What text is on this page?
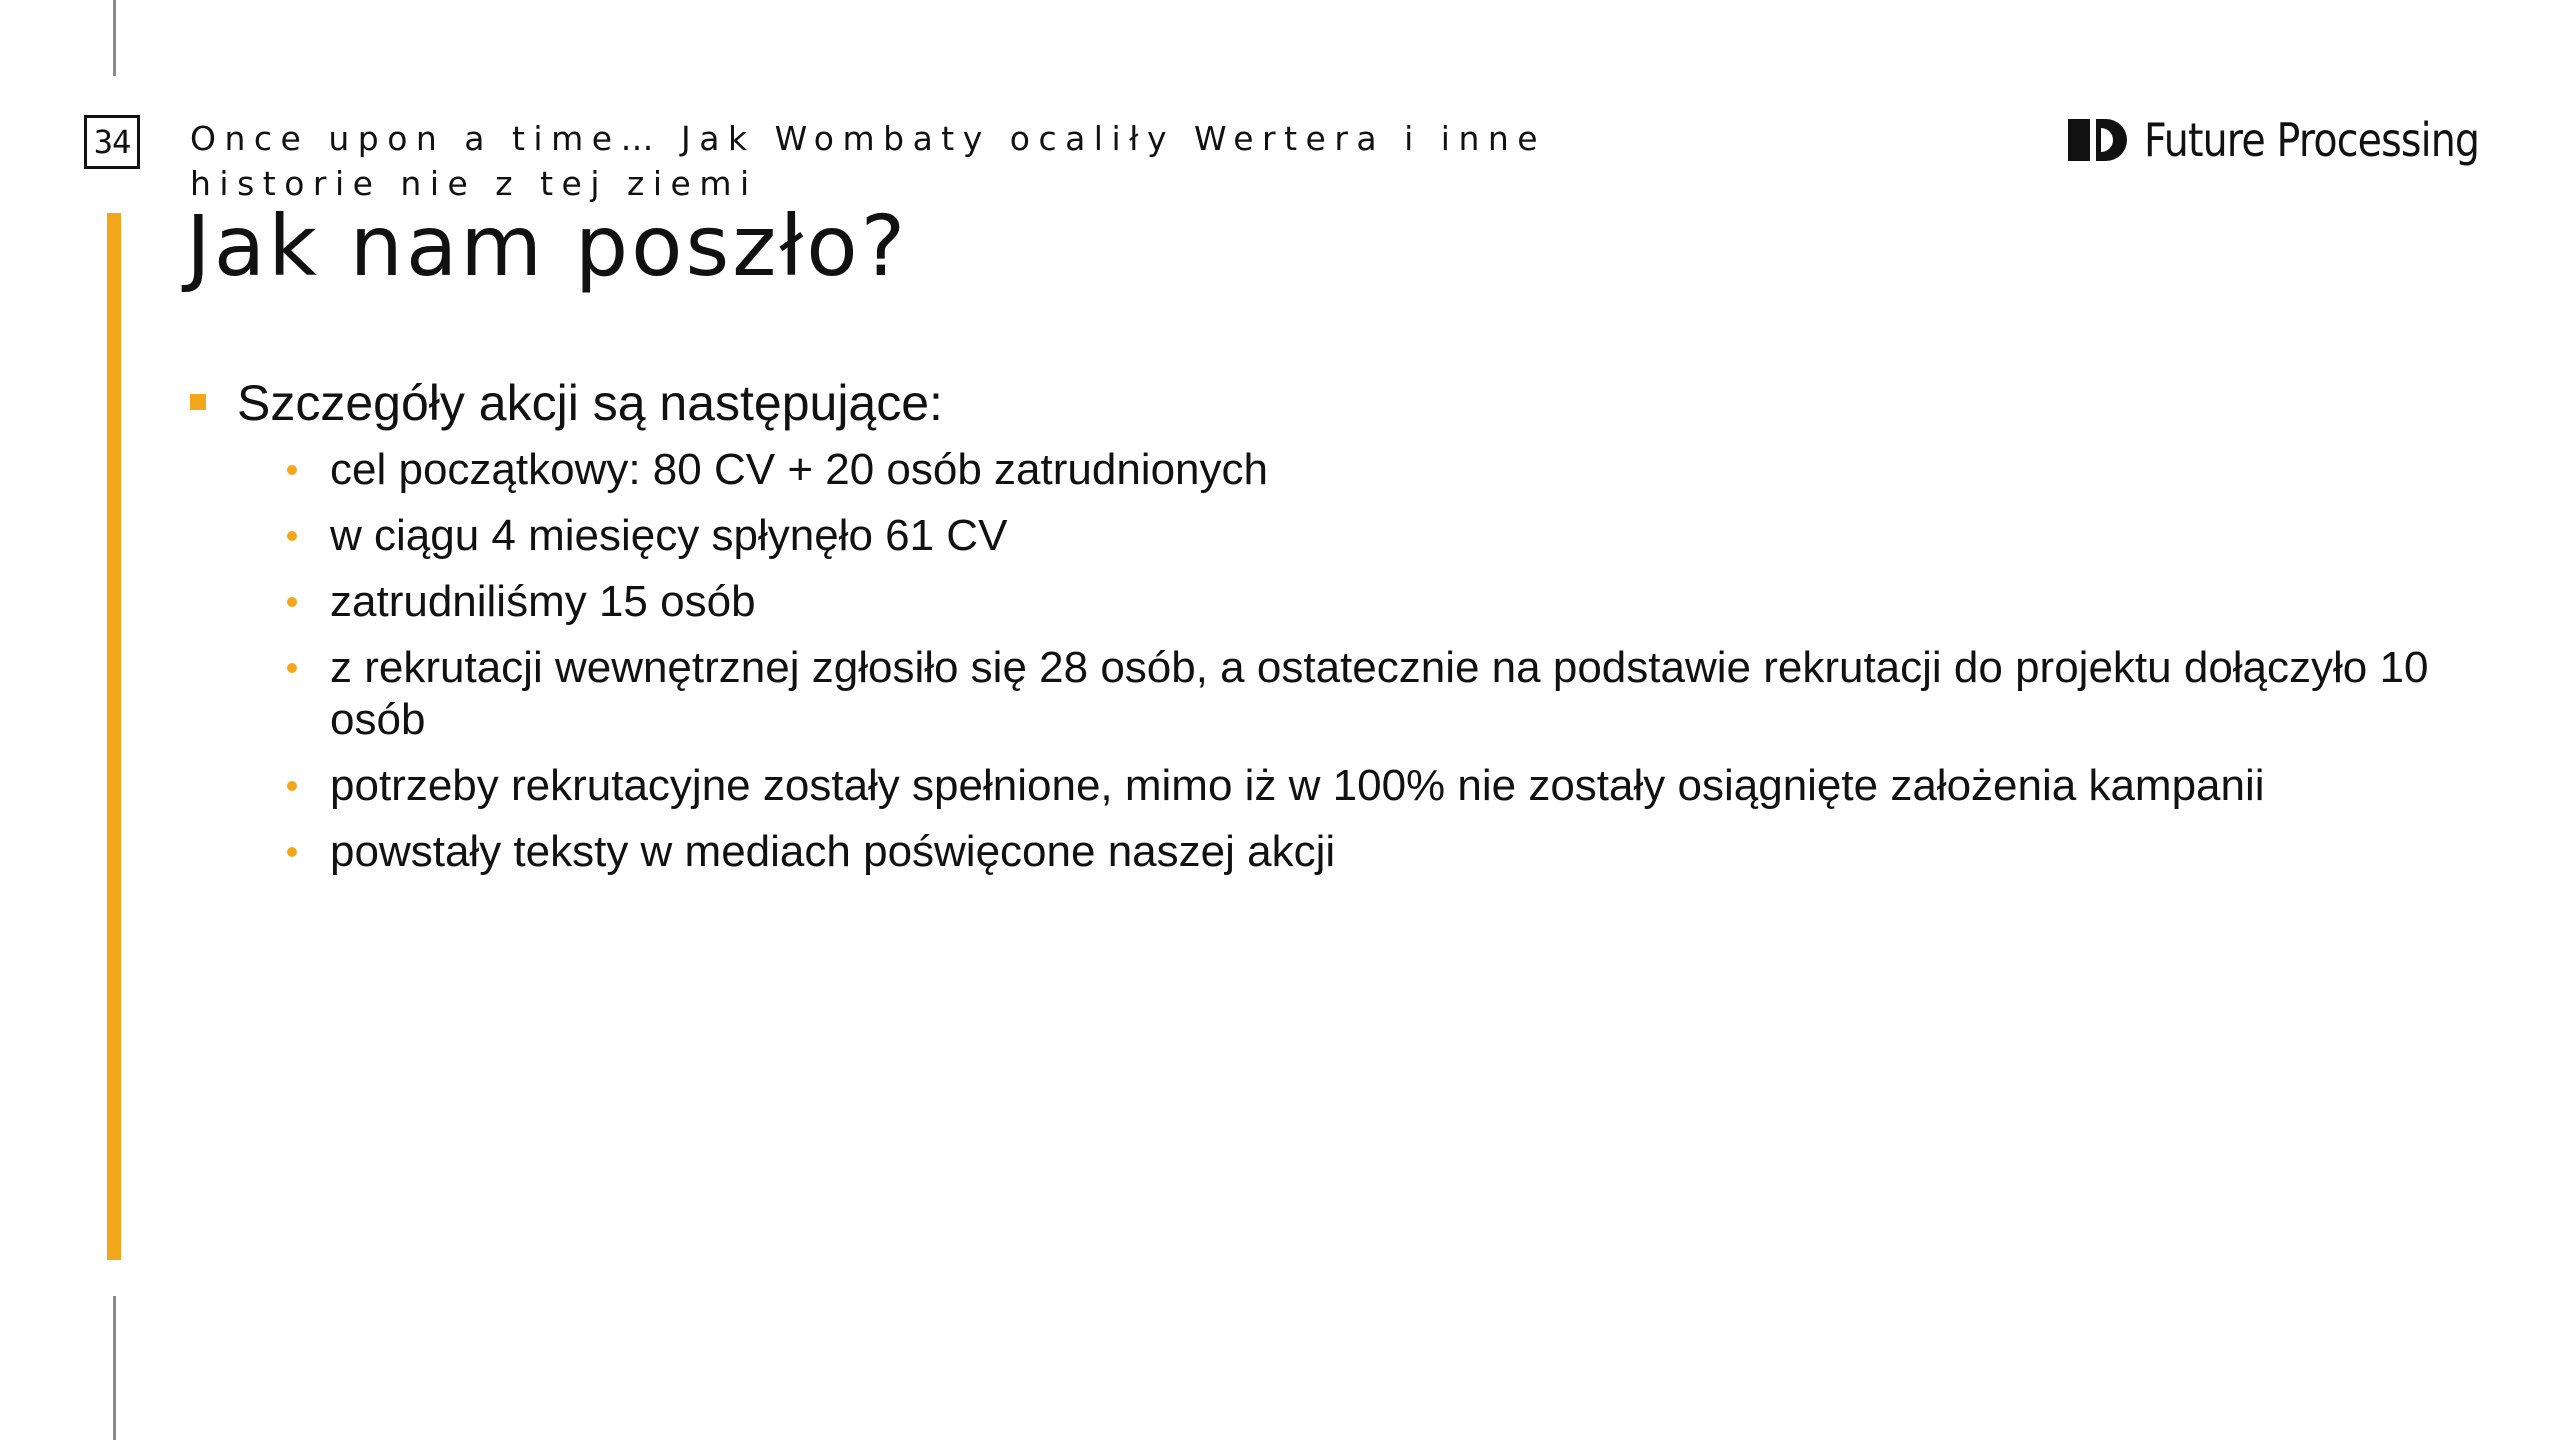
34 Once upon a time… Jak Wombaty ocaliły Wertera i inne historie nie z tej ziemi
Future Processing
Jak nam poszło?
Szczegóły akcji są następujące:
cel początkowy: 80 CV + 20 osób zatrudnionych
w ciągu 4 miesięcy spłynęło 61 CV
zatrudniliśmy 15 osób
z rekrutacji wewnętrznej zgłosiło się 28 osób, a ostatecznie na podstawie rekrutacji do projektu dołączyło 10 osób
potrzeby rekrutacyjne zostały spełnione, mimo iż w 100% nie zostały osiągnięte założenia kampanii
powstały teksty w mediach poświęcone naszej akcji
